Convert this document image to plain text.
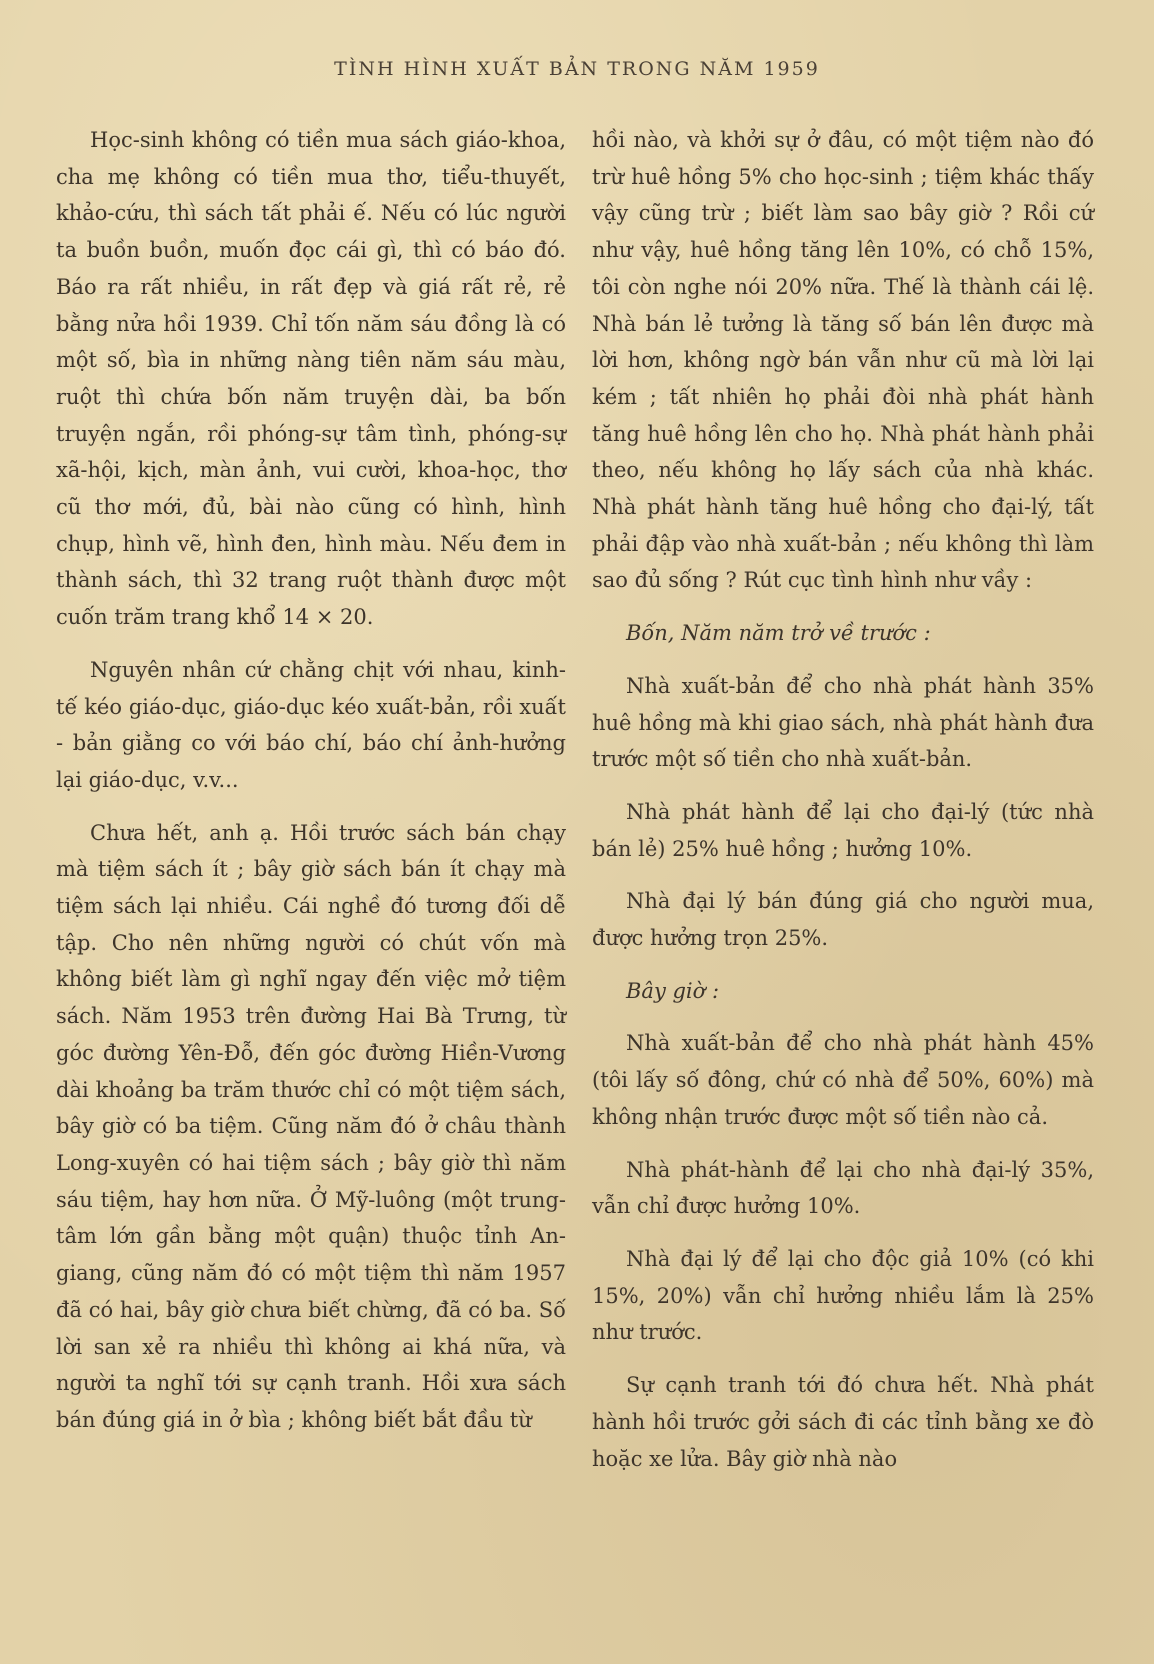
TÌNH HÌNH XUẤT BẢN TRONG NĂM 1959

Học-sinh không có tiền mua sách giáo-khoa, cha mẹ không có tiền mua thơ, tiểu-thuyết, khảo-cứu, thì sách tất phải ế. Nếu có lúc người ta buồn buồn, muốn đọc cái gì, thì có báo đó. Báo ra rất nhiều, in rất đẹp và giá rất rẻ, rẻ bằng nửa hồi 1939. Chỉ tốn năm sáu đồng là có một số, bìa in những nàng tiên năm sáu màu, ruột thì chứa bốn năm truyện dài, ba bốn truyện ngắn, rồi phóng-sự tâm tình, phóng-sự xã-hội, kịch, màn ảnh, vui cười, khoa-học, thơ cũ thơ mới, đủ, bài nào cũng có hình, hình chụp, hình vẽ, hình đen, hình màu. Nếu đem in thành sách, thì 32 trang ruột thành được một cuốn trăm trang khổ 14 × 20.

Nguyên nhân cứ chằng chịt với nhau, kinh-tế kéo giáo-dục, giáo-dục kéo xuất-bản, rồi xuất - bản giằng co với báo chí, báo chí ảnh-hưởng lại giáo-dục, v.v...

Chưa hết, anh ạ. Hồi trước sách bán chạy mà tiệm sách ít ; bây giờ sách bán ít chạy mà tiệm sách lại nhiều. Cái nghề đó tương đối dễ tập. Cho nên những người có chút vốn mà không biết làm gì nghĩ ngay đến việc mở tiệm sách. Năm 1953 trên đường Hai Bà Trưng, từ góc đường Yên-Đỗ, đến góc đường Hiền-Vương dài khoảng ba trăm thước chỉ có một tiệm sách, bây giờ có ba tiệm. Cũng năm đó ở châu thành Long-xuyên có hai tiệm sách ; bây giờ thì năm sáu tiệm, hay hơn nữa. Ở Mỹ-luông (một trung-tâm lớn gần bằng một quận) thuộc tỉnh An-giang, cũng năm đó có một tiệm thì năm 1957 đã có hai, bây giờ chưa biết chừng, đã có ba. Số lời san xẻ ra nhiều thì không ai khá nữa, và người ta nghĩ tới sự cạnh tranh. Hồi xưa sách bán đúng giá in ở bìa ; không biết bắt đầu từ

hồi nào, và khởi sự ở đâu, có một tiệm nào đó trừ huê hồng 5% cho học-sinh ; tiệm khác thấy vậy cũng trừ ; biết làm sao bây giờ ? Rồi cứ như vậy, huê hồng tăng lên 10%, có chỗ 15%, tôi còn nghe nói 20% nữa. Thế là thành cái lệ. Nhà bán lẻ tưởng là tăng số bán lên được mà lời hơn, không ngờ bán vẫn như cũ mà lời lại kém ; tất nhiên họ phải đòi nhà phát hành tăng huê hồng lên cho họ. Nhà phát hành phải theo, nếu không họ lấy sách của nhà khác. Nhà phát hành tăng huê hồng cho đại-lý, tất phải đập vào nhà xuất-bản ; nếu không thì làm sao đủ sống ? Rút cục tình hình như vầy :

Bốn, Năm năm trở về trước :

Nhà xuất-bản để cho nhà phát hành 35% huê hồng mà khi giao sách, nhà phát hành đưa trước một số tiền cho nhà xuất-bản.

Nhà phát hành để lại cho đại-lý (tức nhà bán lẻ) 25% huê hồng ; hưởng 10%.

Nhà đại lý bán đúng giá cho người mua, được hưởng trọn 25%.

Bây giờ :

Nhà xuất-bản để cho nhà phát hành 45% (tôi lấy số đông, chứ có nhà để 50%, 60%) mà không nhận trước được một số tiền nào cả.

Nhà phát-hành để lại cho nhà đại-lý 35%, vẫn chỉ được hưởng 10%.

Nhà đại lý để lại cho độc giả 10% (có khi 15%, 20%) vẫn chỉ hưởng nhiều lắm là 25% như trước.

Sự cạnh tranh tới đó chưa hết. Nhà phát hành hồi trước gởi sách đi các tỉnh bằng xe đò hoặc xe lửa. Bây giờ nhà nào
